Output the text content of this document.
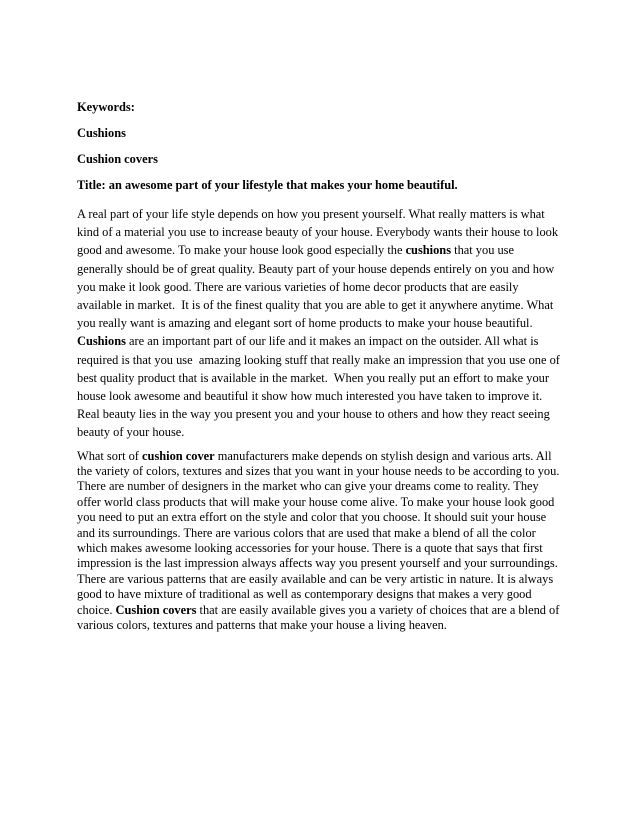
Keywords:
Cushions
Cushion covers
Title: an awesome part of your lifestyle that makes your home beautiful.
A real part of your life style depends on how you present yourself. What really matters is what
kind of a material you use to increase beauty of your house. Everybody wants their house to look
good and awesome. To make your house look good especially the cushions that you use
generally should be of great quality. Beauty part of your house depends entirely on you and how
you make it look good. There are various varieties of home decor products that are easily
available in market.  It is of the finest quality that you are able to get it anywhere anytime. What
you really want is amazing and elegant sort of home products to make your house beautiful.
Cushions are an important part of our life and it makes an impact on the outsider. All what is
required is that you use  amazing looking stuff that really make an impression that you use one of
best quality product that is available in the market.  When you really put an effort to make your
house look awesome and beautiful it show how much interested you have taken to improve it.
Real beauty lies in the way you present you and your house to others and how they react seeing
beauty of your house.
What sort of cushion cover manufacturers make depends on stylish design and various arts. All
the variety of colors, textures and sizes that you want in your house needs to be according to you.
There are number of designers in the market who can give your dreams come to reality. They
offer world class products that will make your house come alive. To make your house look good
you need to put an extra effort on the style and color that you choose. It should suit your house
and its surroundings. There are various colors that are used that make a blend of all the color
which makes awesome looking accessories for your house. There is a quote that says that first
impression is the last impression always affects way you present yourself and your surroundings.
There are various patterns that are easily available and can be very artistic in nature. It is always
good to have mixture of traditional as well as contemporary designs that makes a very good
choice. Cushion covers that are easily available gives you a variety of choices that are a blend of
various colors, textures and patterns that make your house a living heaven.
